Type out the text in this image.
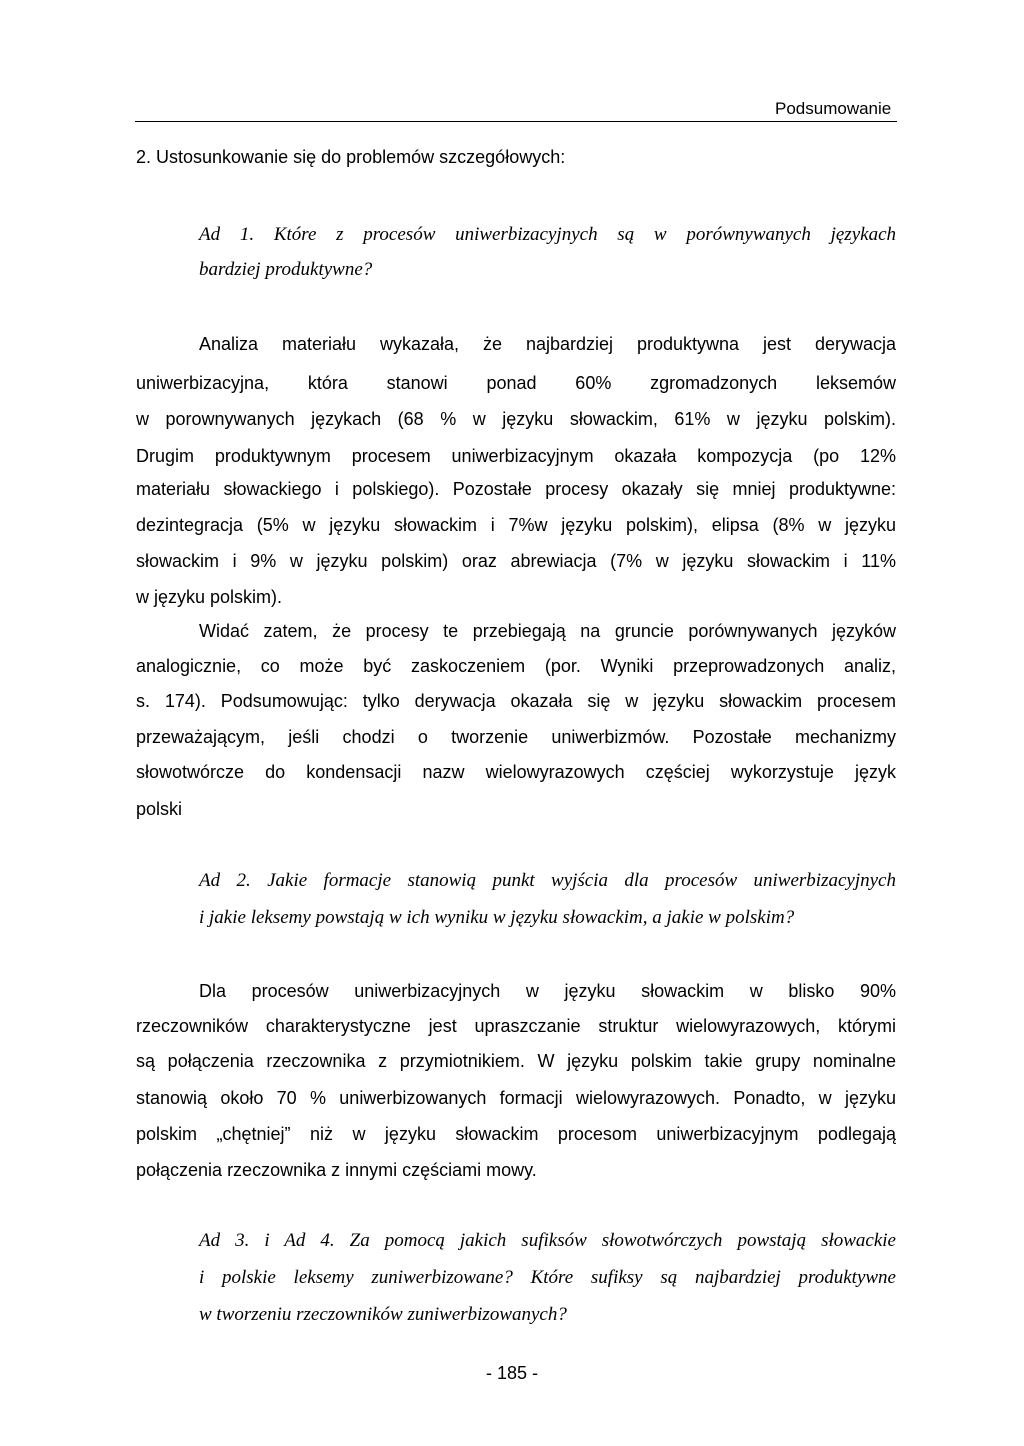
Podsumowanie
2. Ustosunkowanie się do problemów szczegółowych:
Ad 1. Które z procesów uniwerbizacyjnych są w porównywanych językach
bardziej produktywne?
Analiza materiału wykazała, że najbardziej produktywna jest derywacja
uniwerbizacyjna, która stanowi ponad 60% zgromadzonych leksemów
w porownywanych językach (68 % w języku słowackim, 61% w języku polskim).
Drugim produktywnym procesem uniwerbizacyjnym okazała kompozycja (po 12%
materiału słowackiego i polskiego). Pozostałe procesy okazały się mniej produktywne:
dezintegracja (5% w języku słowackim i 7%w języku polskim), elipsa (8% w języku
słowackim i 9% w języku polskim) oraz abrewiacja (7% w języku słowackim i 11%
w języku polskim).
Widać zatem, że procesy te przebiegają na gruncie porównywanych języków
analogicznie, co może być zaskoczeniem (por. Wyniki przeprowadzonych analiz,
s. 174). Podsumowując: tylko derywacja okazała się w języku słowackim procesem
przeważającym, jeśli chodzi o tworzenie uniwerbizmów. Pozostałe mechanizmy
słowotwórcze do kondensacji nazw wielowyrazowych częściej wykorzystuje język
polski
Ad 2. Jakie formacje stanowią punkt wyjścia dla procesów uniwerbizacyjnych
i jakie leksemy powstają w ich wyniku w języku słowackim, a jakie w polskim?
Dla procesów uniwerbizacyjnych w języku słowackim w blisko 90%
rzeczowników charakterystyczne jest upraszczanie struktur wielowyrazowych, którymi
są połączenia rzeczownika z przymiotnikiem. W języku polskim takie grupy nominalne
stanowią około 70 % uniwerbizowanych formacji wielowyrazowych. Ponadto, w języku
polskim „chętniej” niż w języku słowackim procesom uniwerbizacyjnym podlegają
połączenia rzeczownika z innymi częściami mowy.
Ad 3. i Ad 4. Za pomocą jakich sufiksów słowotwórczych powstają słowackie
i polskie leksemy zuniwerbizowane? Które sufiksy są najbardziej produktywne
w tworzeniu rzeczowników zuniwerbizowanych?
- 185 -
